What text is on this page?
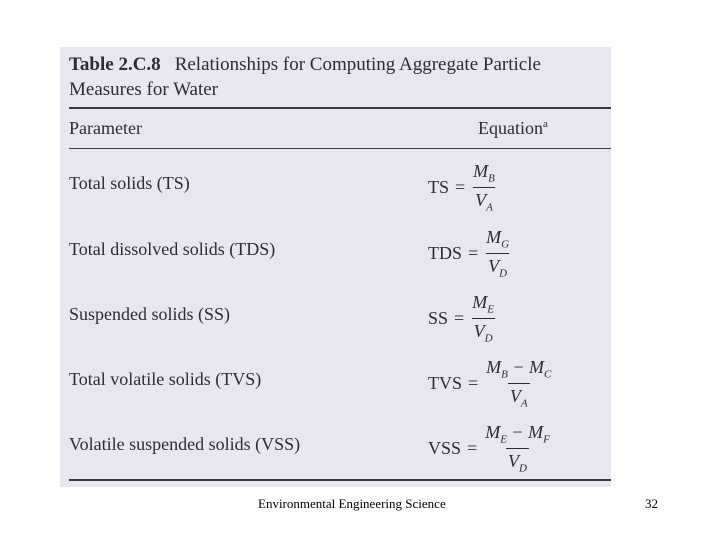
Table 2.C.8 Relationships for Computing Aggregate Particle
Measures for Water
Parameter	Equation$^a$
Total solids (TS)	TS = $\frac{M_B}{V_A}$
Total dissolved solids (TDS)	TDS = $\frac{M_G}{V_D}$
Suspended solids (SS)	SS = $\frac{M_E}{V_D}$
Total volatile solids (TVS)	TVS = $\frac{M_B - M_C}{V_A}$
Volatile suspended solids (VSS)	VSS = $\frac{M_E - M_F}{V_D}$
Environmental Engineering Science	32
